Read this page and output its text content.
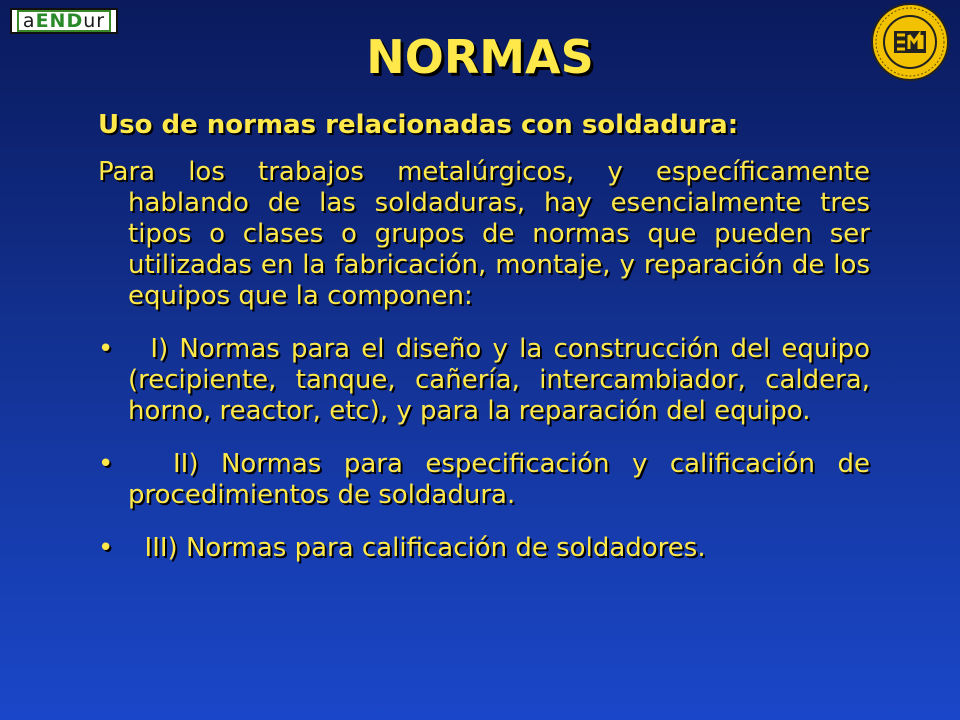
a END ur
NORMAS
Uso de normas relacionadas con soldadura:
Para los trabajos metalúrgicos, y específicamente hablando de las soldaduras, hay esencialmente tres tipos o clases o grupos de normas que pueden ser utilizadas en la fabricación, montaje, y reparación de los equipos que la componen:
• I) Normas para el diseño y la construcción del equipo (recipiente, tanque, cañería, intercambiador, caldera, horno, reactor, etc), y para la reparación del equipo.
• II) Normas para especificación y calificación de procedimientos de soldadura.
• III) Normas para calificación de soldadores.
